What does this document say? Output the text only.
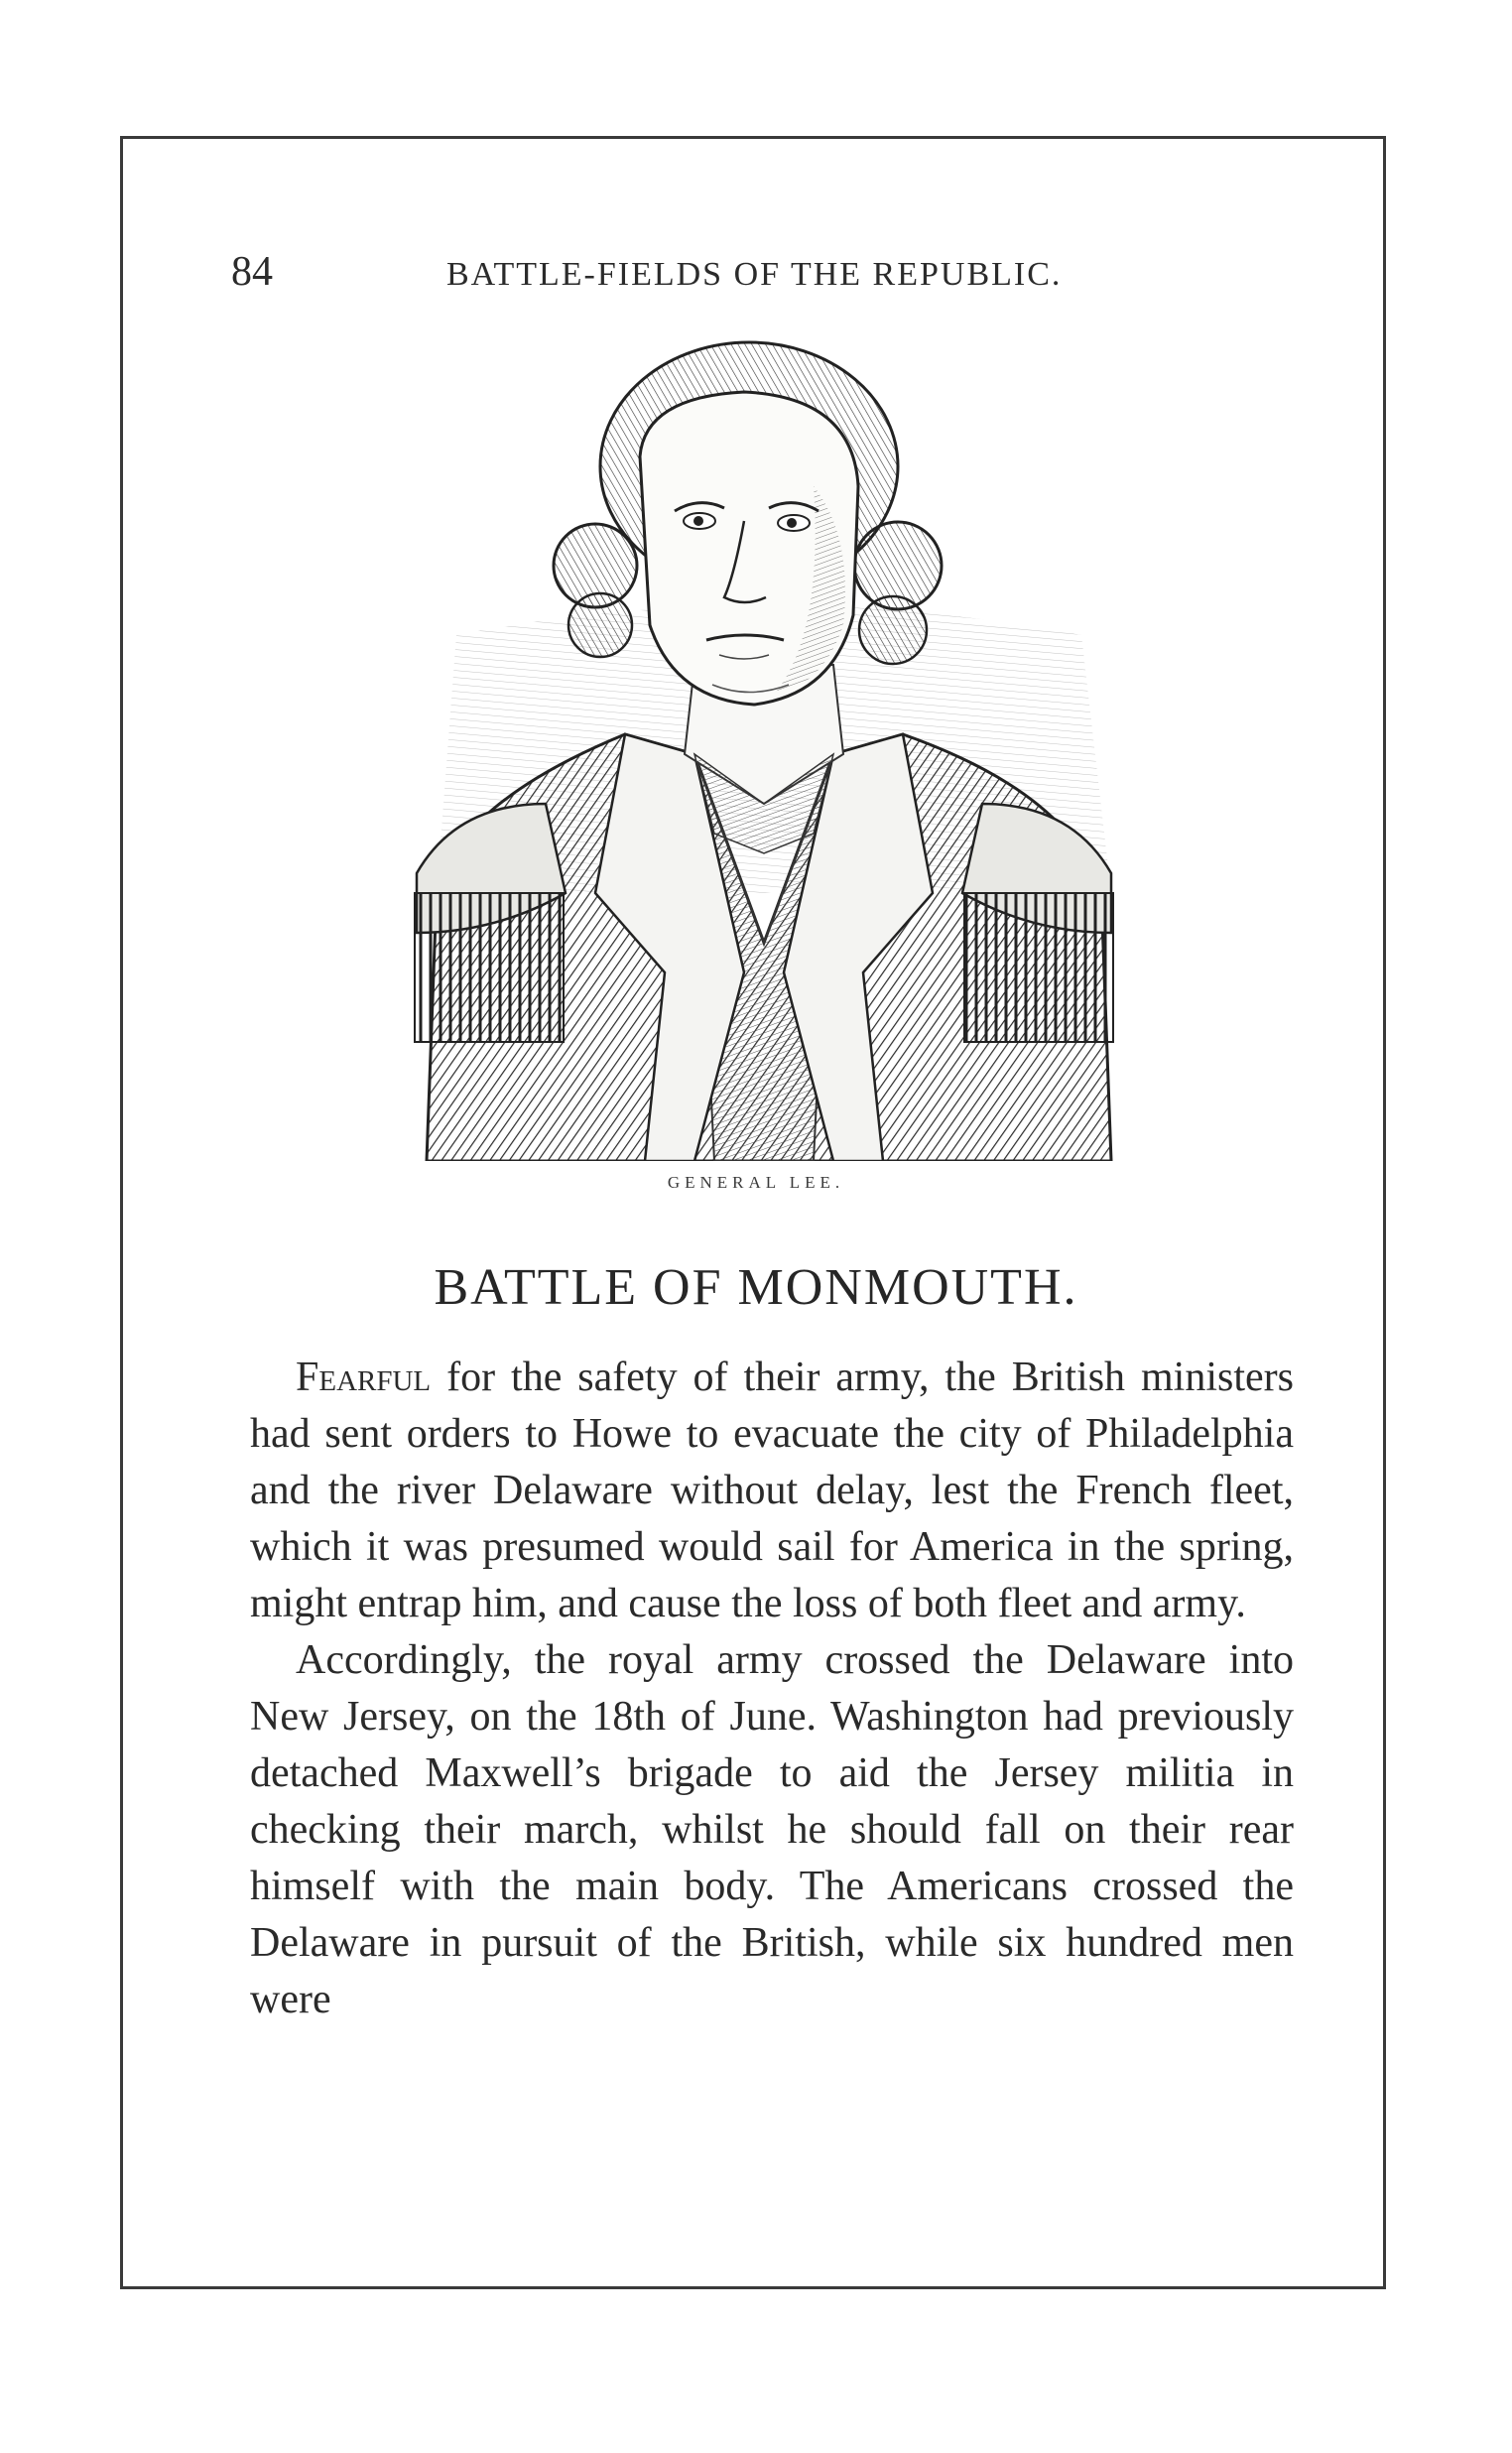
84	BATTLE-FIELDS OF THE REPUBLIC.
GENERAL LEE.
BATTLE OF MONMOUTH.

Fearful for the safety of their army, the British ministers had sent orders to Howe to evacuate the city of Philadelphia and the river Delaware without delay, lest the French fleet, which it was presumed would sail for America in the spring, might entrap him, and cause the loss of both fleet and army.

Accordingly, the royal army crossed the Delaware into New Jersey, on the 18th of June. Washington had previously detached Maxwell’s brigade to aid the Jersey militia in checking their march, whilst he should fall on their rear himself with the main body. The Americans crossed the Delaware in pursuit of the British, while six hundred men were
